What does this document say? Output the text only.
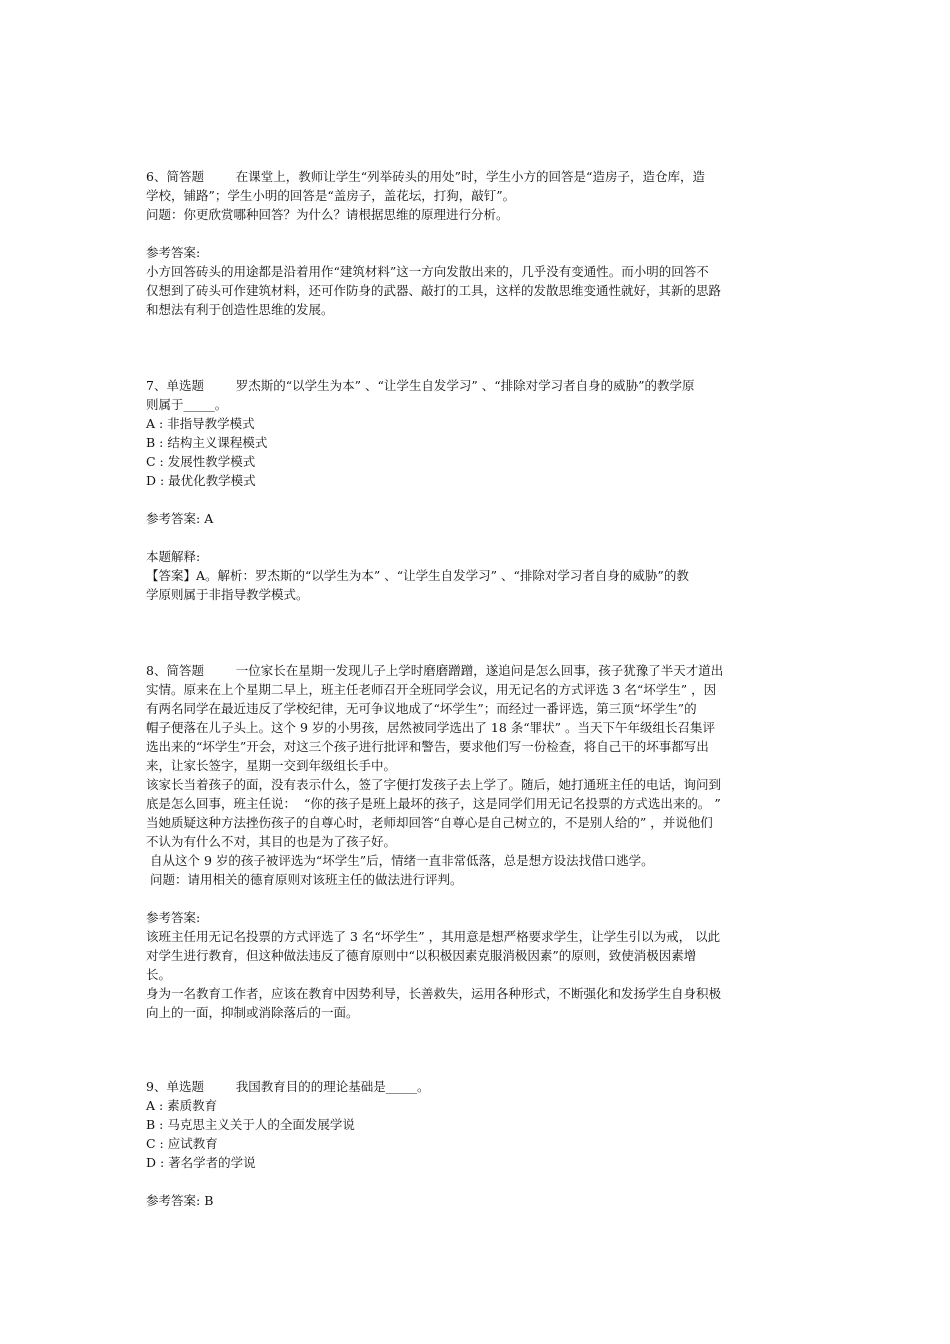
6、简答题	在课堂上，教师让学生“列举砖头的用处”时，学生小方的回答是“造房子，造仓库，造

学校，铺路”；学生小明的回答是“盖房子，盖花坛，打狗，敲钉”。

问题：你更欣赏哪种回答？为什么？请根据思维的原理进行分析。

参考答案:

小方回答砖头的用途都是沿着用作“建筑材料”这一方向发散出来的，几乎没有变通性。而小明的回答不

仅想到了砖头可作建筑材料，还可作防身的武器、敲打的工具，这样的发散思维变通性就好，其新的思路

和想法有利于创造性思维的发展。

7、单选题	罗杰斯的“以学生为本” 、“让学生自发学习” 、“排除对学习者自身的威胁”的教学原

则属于_____。

A : 非指导教学模式

B : 结构主义课程模式

C : 发展性教学模式

D : 最优化教学模式

参考答案: A

本题解释:

【答案】A。解析：罗杰斯的“以学生为本” 、“让学生自发学习” 、“排除对学习者自身的威胁”的教

学原则属于非指导教学模式。

8、简答题	一位家长在星期一发现儿子上学时磨磨蹭蹭，遂追问是怎么回事，孩子犹豫了半天才道出

实情。原来在上个星期二早上，班主任老师召开全班同学会议，用无记名的方式评选 3 名“坏学生” ，因

有两名同学在最近违反了学校纪律，无可争议地成了“坏学生”；而经过一番评选，第三顶“坏学生”的

帽子便落在儿子头上。这个 9 岁的小男孩，居然被同学选出了 18 条“罪状” 。当天下午年级组长召集评

选出来的“坏学生”开会，对这三个孩子进行批评和警告，要求他们写一份检查，将自己干的坏事都写出

来，让家长签字，星期一交到年级组长手中。

该家长当着孩子的面，没有表示什么，签了字便打发孩子去上学了。随后，她打通班主任的电话，询问到

底是怎么回事，班主任说：  “你的孩子是班上最坏的孩子，这是同学们用无记名投票的方式选出来的。 ”

当她质疑这种方法挫伤孩子的自尊心时，老师却回答“自尊心是自己树立的，不是别人给的” ，并说他们

不认为有什么不对，其目的也是为了孩子好。

自从这个 9 岁的孩子被评选为“坏学生”后，情绪一直非常低落，总是想方设法找借口逃学。

问题：请用相关的德育原则对该班主任的做法进行评判。

参考答案:

该班主任用无记名投票的方式评选了 3 名“坏学生” ，其用意是想严格要求学生，让学生引以为戒， 以此

对学生进行教育，但这种做法违反了德育原则中“以积极因素克服消极因素”的原则，致使消极因素增

长。

身为一名教育工作者，应该在教育中因势利导，长善救失，运用各种形式，不断强化和发扬学生自身积极

向上的一面，抑制或消除落后的一面。

9、单选题	我国教育目的的理论基础是_____。

A : 素质教育

B : 马克思主义关于人的全面发展学说

C : 应试教育

D : 著名学者的学说

参考答案: B
